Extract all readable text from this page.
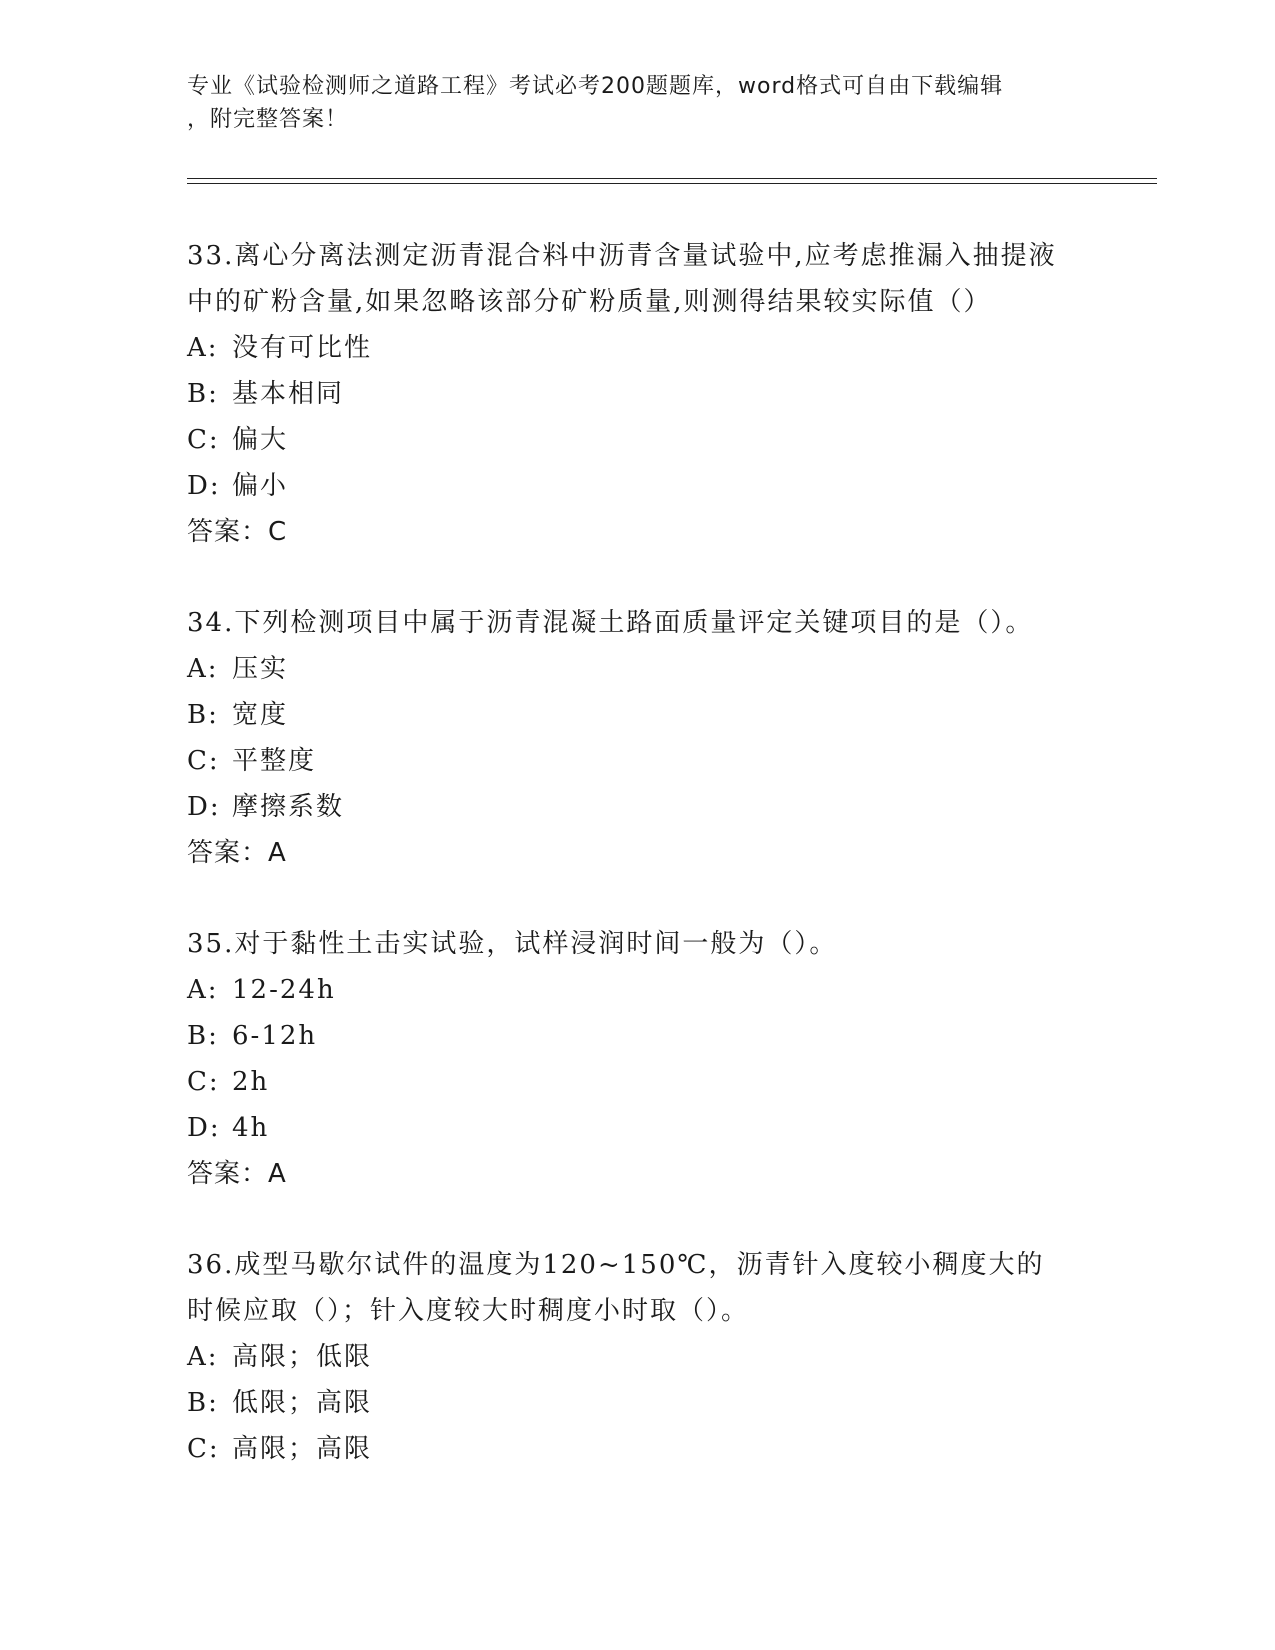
专业《试验检测师之道路工程》考试必考200题题库，word格式可自由下载编辑
，附完整答案！
33.离心分离法测定沥青混合料中沥青含量试验中,应考虑推漏入抽提液中的矿粉含量,如果忽略该部分矿粉质量,则测得结果较实际值（）
A: 没有可比性
B: 基本相同
C: 偏大
D: 偏小
答案：C
34.下列检测项目中属于沥青混凝土路面质量评定关键项目的是（）。
A: 压实
B: 宽度
C: 平整度
D: 摩擦系数
答案：A
35.对于黏性土击实试验，试样浸润时间一般为（）。
A: 12-24h
B: 6-12h
C: 2h
D: 4h
答案：A
36.成型马歇尔试件的温度为120~150℃，沥青针入度较小稠度大的时候应取（）；针入度较大时稠度小时取（）。
A: 高限；低限
B: 低限；高限
C: 高限；高限
